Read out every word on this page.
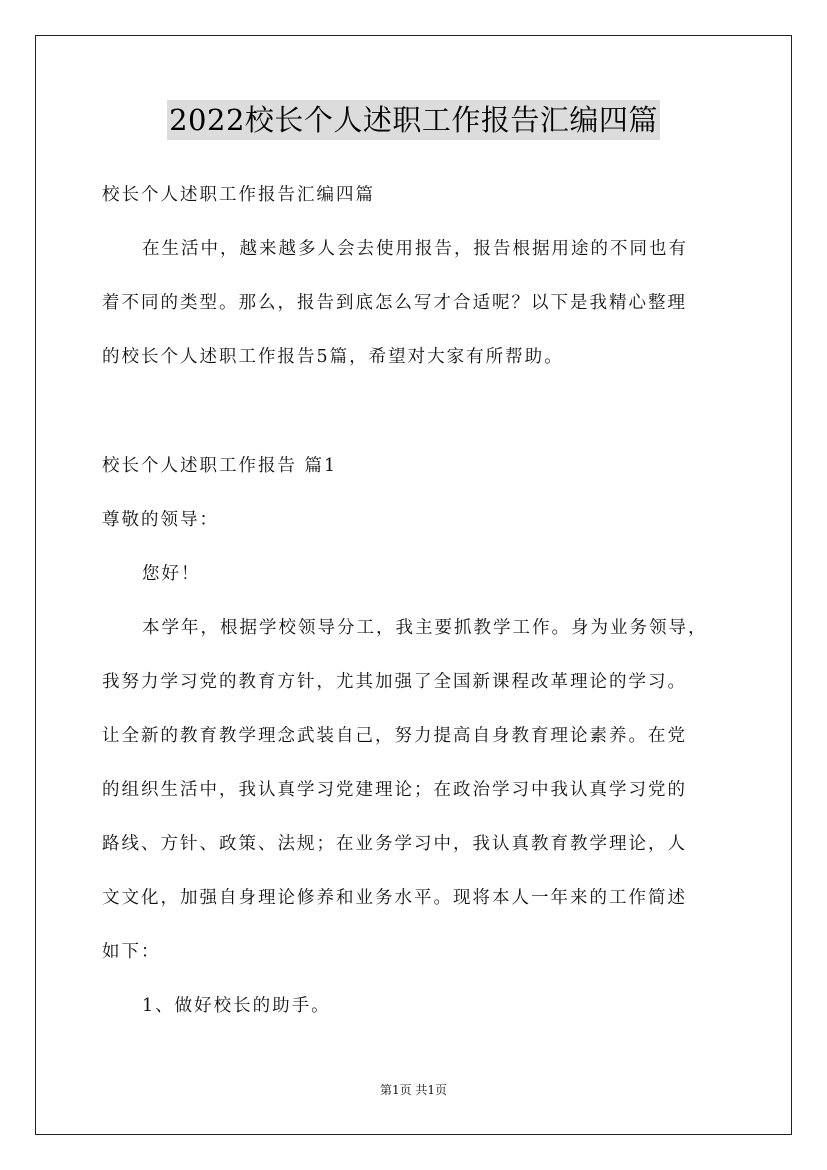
2022校长个人述职工作报告汇编四篇
校长个人述职工作报告汇编四篇
在生活中，越来越多人会去使用报告，报告根据用途的不同也有
着不同的类型。那么，报告到底怎么写才合适呢？以下是我精心整理
的校长个人述职工作报告5篇，希望对大家有所帮助。
校长个人述职工作报告 篇1
尊敬的领导：
您好！
本学年，根据学校领导分工，我主要抓教学工作。身为业务领导，
我努力学习党的教育方针，尤其加强了全国新课程改革理论的学习。
让全新的教育教学理念武装自己，努力提高自身教育理论素养。在党
的组织生活中，我认真学习党建理论；在政治学习中我认真学习党的
路线、方针、政策、法规；在业务学习中，我认真教育教学理论，人
文文化，加强自身理论修养和业务水平。现将本人一年来的工作简述
如下：
1、做好校长的助手。
第1页 共1页
